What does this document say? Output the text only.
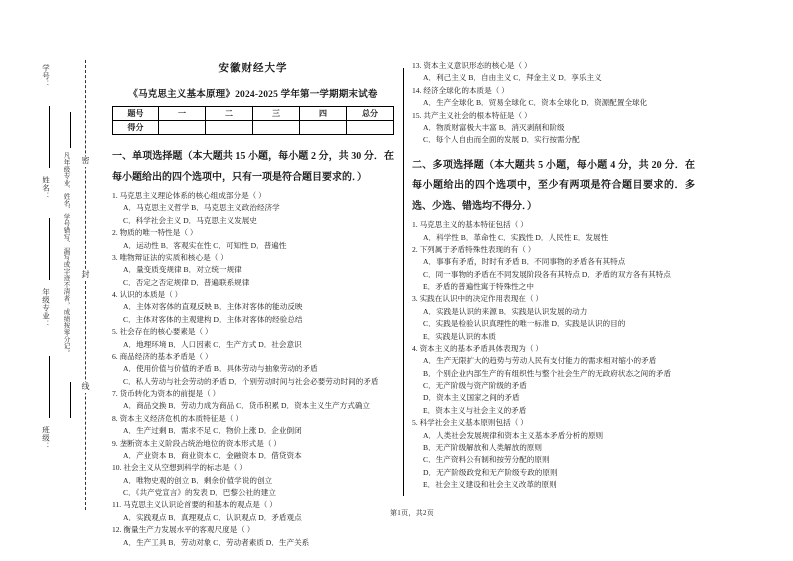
学号：
姓名：
年级专业：
班级：
凡年级专业、姓名、学号错写、漏写或字迹不清者，成绩按零分记。 密
封
线
安徽财经大学
《马克思主义基本原理》2024-2025 学年第一学期期末试卷
题号	一	二	三	四	总分
得分					
一、单项选择题（本大题共 15 小题，每小题 2 分，共 30 分．在每小题给出的四个选项中，只有一项是符合题目要求的．）

1. 马克思主义理论体系的核心组成部分是（ ）

A．马克思主义哲学 B．马克思主义政治经济学

C．科学社会主义 D．马克思主义发展史

2. 物质的唯一特性是（ ）

A．运动性 B．客观实在性 C．可知性 D．普遍性

3. 唯物辩证法的实质和核心是（ ）

A．量变质变规律 B．对立统一规律

C．否定之否定规律 D．普遍联系规律

4. 认识的本质是（ ）

A．主体对客体的直观反映 B．主体对客体的能动反映

C．主体对客体的主观建构 D．主体对客体的经验总结

5. 社会存在的核心要素是（ ）

A．地理环境 B．人口因素 C．生产方式 D．社会意识

6. 商品经济的基本矛盾是（ ）

A．使用价值与价值的矛盾 B．具体劳动与抽象劳动的矛盾

C．私人劳动与社会劳动的矛盾 D．个别劳动时间与社会必要劳动时间的矛盾

7. 货币转化为资本的前提是（ ）

A．商品交换 B．劳动力成为商品 C．货币积累 D．资本主义生产方式确立

8. 资本主义经济危机的本质特征是（ ）

A．生产过剩 B．需求不足 C．物价上涨 D．企业倒闭

9. 垄断资本主义阶段占统治地位的资本形式是（ ）

A．产业资本 B．商业资本 C．金融资本 D．借贷资本

10. 社会主义从空想到科学的标志是（ ）

A．唯物史观的创立 B．剩余价值学说的创立

C．《共产党宣言》的发表 D．巴黎公社的建立

11. 马克思主义认识论首要的和基本的观点是（ ）

A．实践观点 B．真理观点 C．认识观点 D．矛盾观点

12. 衡量生产力发展水平的客观尺度是（ ）

A．生产工具 B．劳动对象 C．劳动者素质 D．生产关系

13. 资本主义意识形态的核心是（ ）

A．利己主义 B．自由主义 C．拜金主义 D．享乐主义

14. 经济全球化的本质是（ ）

A．生产全球化 B．贸易全球化 C．资本全球化 D．资源配置全球化

15. 共产主义社会的根本特征是（ ）

A．物质财富极大丰富 B．消灭剥削和阶级

C．每个人自由而全面的发展 D．实行按需分配

二、多项选择题（本大题共 5 小题，每小题 4 分，共 20 分．在每小题给出的四个选项中，至少有两项是符合题目要求的．多选、少选、错选均不得分．）

1. 马克思主义的基本特征包括（ ）

A．科学性 B．革命性 C．实践性 D．人民性 E．发展性

2. 下列属于矛盾特殊性表现的有（ ）

A．事事有矛盾，时时有矛盾 B．不同事物的矛盾各有其特点

C．同一事物的矛盾在不同发展阶段各有其特点 D．矛盾的双方各有其特点

E．矛盾的普遍性寓于特殊性之中

3. 实践在认识中的决定作用表现在（ ）

A．实践是认识的来源 B．实践是认识发展的动力

C．实践是检验认识真理性的唯一标准 D．实践是认识的目的

E．实践是认识的本质

4. 资本主义的基本矛盾具体表现为（ ）

A．生产无限扩大的趋势与劳动人民有支付能力的需求相对缩小的矛盾

B．个别企业内部生产的有组织性与整个社会生产的无政府状态之间的矛盾

C．无产阶级与资产阶级的矛盾

D．资本主义国家之间的矛盾

E．资本主义与社会主义的矛盾

5. 科学社会主义基本原则包括（ ）

A．人类社会发展规律和资本主义基本矛盾分析的原则

B．无产阶级解放和人类解放的原则

C．生产资料公有制和按劳分配的原则

D．无产阶级政党和无产阶级专政的原则

E．社会主义建设和社会主义改革的原则

第1页，共2页
